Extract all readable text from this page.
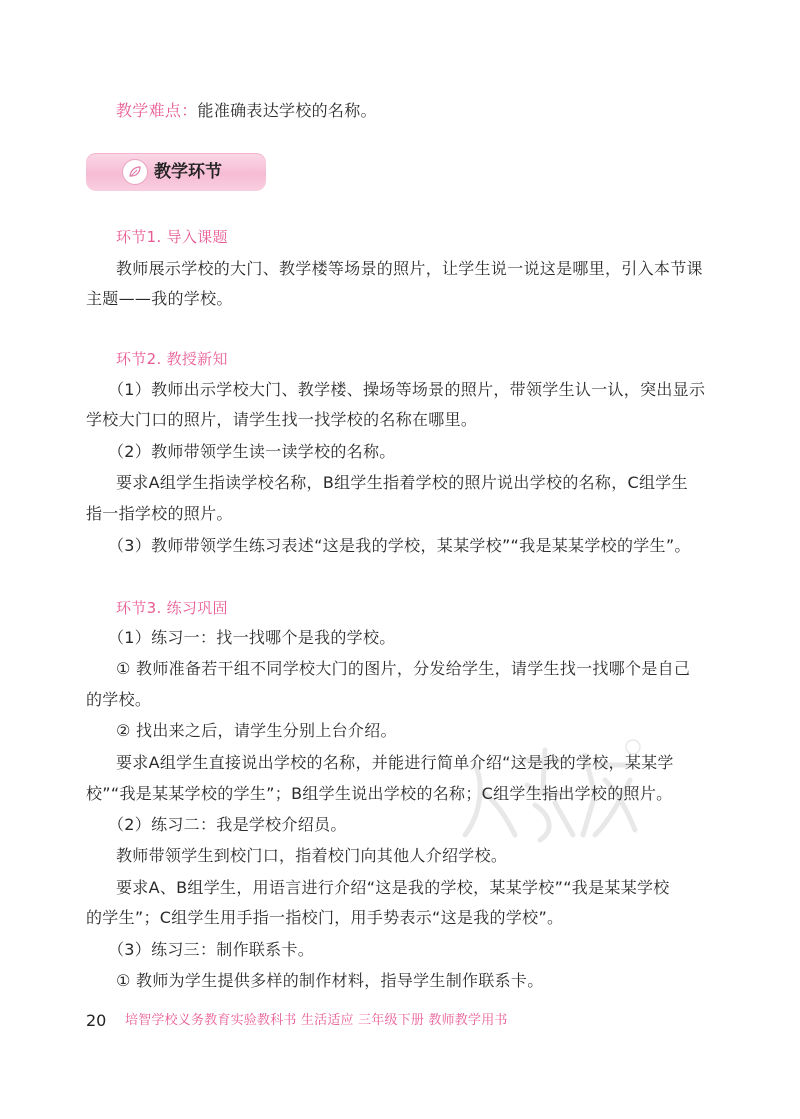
教学难点：能准确表达学校的名称。
教学环节
环节1. 导入课题
教师展示学校的大门、教学楼等场景的照片，让学生说一说这是哪里，引入本节课
主题——我的学校。
环节2. 教授新知
（1）教师出示学校大门、教学楼、操场等场景的照片，带领学生认一认，突出显示
学校大门口的照片，请学生找一找学校的名称在哪里。
（2）教师带领学生读一读学校的名称。
要求A组学生指读学校名称，B组学生指着学校的照片说出学校的名称，C组学生
指一指学校的照片。
（3）教师带领学生练习表述“这是我的学校，某某学校”“我是某某学校的学生”。
环节3. 练习巩固
（1）练习一：找一找哪个是我的学校。
① 教师准备若干组不同学校大门的图片，分发给学生，请学生找一找哪个是自己
的学校。
② 找出来之后，请学生分别上台介绍。
要求A组学生直接说出学校的名称，并能进行简单介绍“这是我的学校，某某学
校”“我是某某学校的学生”；B组学生说出学校的名称；C组学生指出学校的照片。
（2）练习二：我是学校介绍员。
教师带领学生到校门口，指着校门向其他人介绍学校。
要求A、B组学生，用语言进行介绍“这是我的学校，某某学校”“我是某某学校
的学生”；C组学生用手指一指校门，用手势表示“这是我的学校”。
（3）练习三：制作联系卡。
① 教师为学生提供多样的制作材料，指导学生制作联系卡。
20 培智学校义务教育实验教科书 生活适应 三年级下册 教师教学用书
